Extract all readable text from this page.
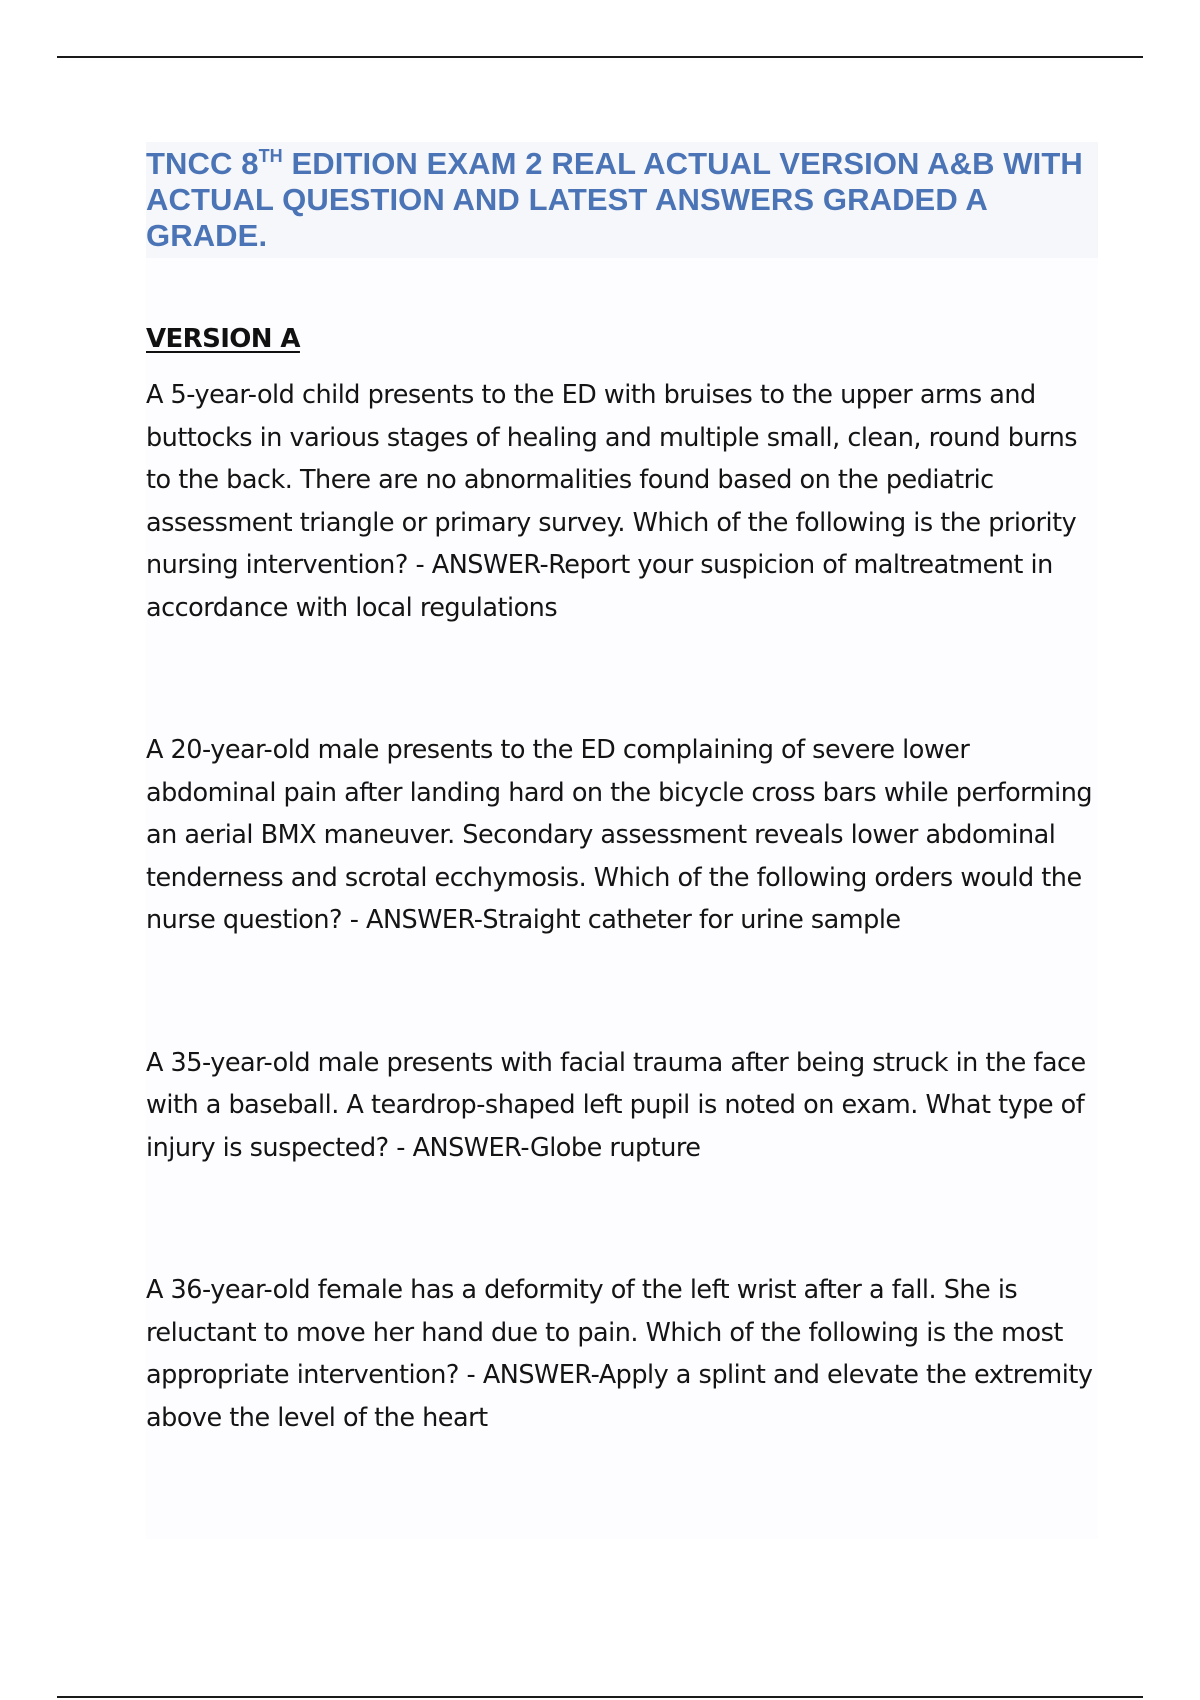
TNCC 8TH EDITION EXAM 2 REAL ACTUAL VERSION A&B WITH ACTUAL QUESTION AND LATEST ANSWERS GRADED A GRADE.
VERSION A

A 5-year-old child presents to the ED with bruises to the upper arms and buttocks in various stages of healing and multiple small, clean, round burns to the back. There are no abnormalities found based on the pediatric assessment triangle or primary survey. Which of the following is the priority nursing intervention? - ANSWER-Report your suspicion of maltreatment in accordance with local regulations

A 20-year-old male presents to the ED complaining of severe lower abdominal pain after landing hard on the bicycle cross bars while performing an aerial BMX maneuver. Secondary assessment reveals lower abdominal tenderness and scrotal ecchymosis. Which of the following orders would the nurse question? - ANSWER-Straight catheter for urine sample

A 35-year-old male presents with facial trauma after being struck in the face with a baseball. A teardrop-shaped left pupil is noted on exam. What type of injury is suspected? - ANSWER-Globe rupture

A 36-year-old female has a deformity of the left wrist after a fall. She is reluctant to move her hand due to pain. Which of the following is the most appropriate intervention? - ANSWER-Apply a splint and elevate the extremity above the level of the heart
